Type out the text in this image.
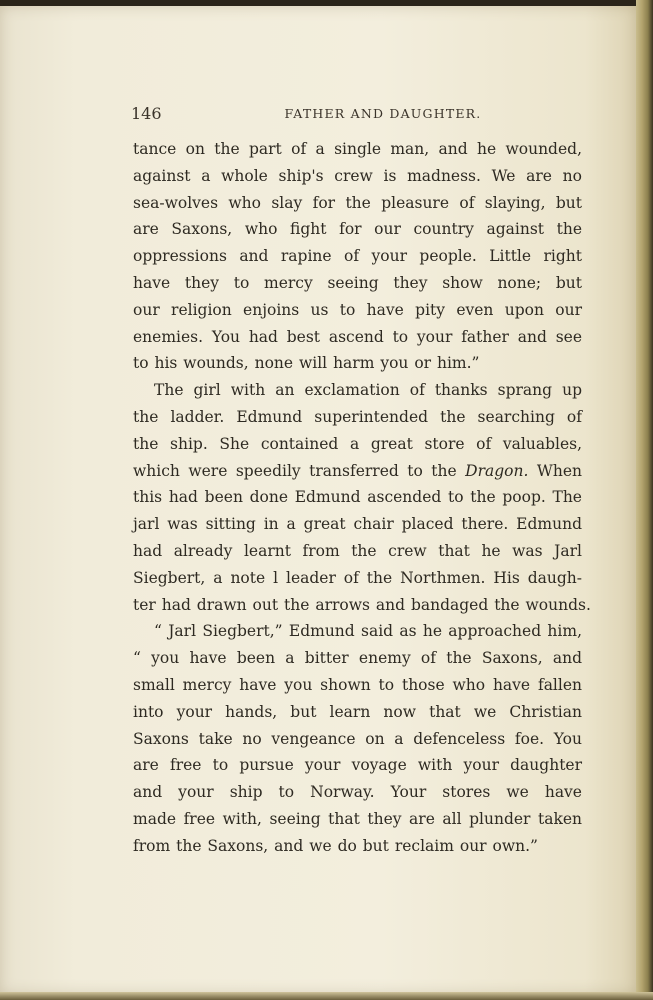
146	FATHER AND DAUGHTER.
tance on the part of a single man, and he wounded,
against a whole ship's crew is madness. We are no
sea-wolves who slay for the pleasure of slaying, but
are Saxons, who fight for our country against the
oppressions and rapine of your people. Little right
have they to mercy seeing they show none; but
our religion enjoins us to have pity even upon our
enemies. You had best ascend to your father and see
to his wounds, none will harm you or him.”
The girl with an exclamation of thanks sprang up
the ladder. Edmund superintended the searching of
the ship. She contained a great store of valuables,
which were speedily transferred to the Dragon. When
this had been done Edmund ascended to the poop. The
jarl was sitting in a great chair placed there. Edmund
had already learnt from the crew that he was Jarl
Siegbert, a note l leader of the Northmen. His daugh-
ter had drawn out the arrows and bandaged the wounds.
“ Jarl Siegbert,” Edmund said as he approached him,
“ you have been a bitter enemy of the Saxons, and
small mercy have you shown to those who have fallen
into your hands, but learn now that we Christian
Saxons take no vengeance on a defenceless foe. You
are free to pursue your voyage with your daughter
and your ship to Norway. Your stores we have
made free with, seeing that they are all plunder taken
from the Saxons, and we do but reclaim our own.”
